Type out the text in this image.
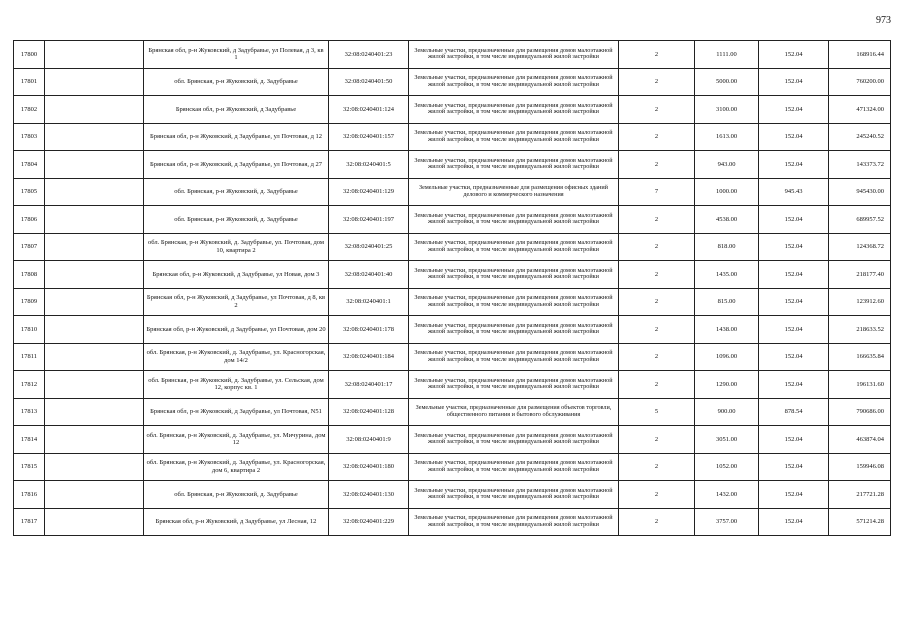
973
17800		Брянская обл, р-н Жуковский, д Задубравье, ул Полевая, д 3, кв 1	32:08:0240401:23	Земельные участки, предназначенные для размещения домов малоэтажной жилой застройки, в том числе индивидуальной жилой застройки	2	1111.00	152.04	168916.44
17801		обл. Брянская, р-н Жуковский, д. Задубравье	32:08:0240401:50	Земельные участки, предназначенные для размещения домов малоэтажной жилой застройки, в том числе индивидуальной жилой застройки	2	5000.00	152.04	760200.00
17802		Брянская обл, р-н Жуковский, д Задубравье	32:08:0240401:124	Земельные участки, предназначенные для размещения домов малоэтажной жилой застройки, в том числе индивидуальной жилой застройки	2	3100.00	152.04	471324.00
17803		Брянская обл, р-н Жуковский, д Задубравье, ул Почтовая, д 12	32:08:0240401:157	Земельные участки, предназначенные для размещения домов малоэтажной жилой застройки, в том числе индивидуальной жилой застройки	2	1613.00	152.04	245240.52
17804		Брянская обл, р-н Жуковский, д Задубравье, ул Почтовая, д 27	32:08:0240401:5	Земельные участки, предназначенные для размещения домов малоэтажной жилой застройки, в том числе индивидуальной жилой застройки	2	943.00	152.04	143373.72
17805		обл. Брянская, р-н Жуковский, д. Задубравье	32:08:0240401:129	Земельные участки, предназначенные для размещения офисных зданий делового и коммерческого назначения	7	1000.00	945.43	945430.00
17806		обл. Брянская, р-н Жуковский, д. Задубравье	32:08:0240401:197	Земельные участки, предназначенные для размещения домов малоэтажной жилой застройки, в том числе индивидуальной жилой застройки	2	4538.00	152.04	689957.52
17807		обл. Брянская, р-н Жуковский, д. Задубравье, ул. Почтовая, дом 10, квартира 2	32:08:0240401:25	Земельные участки, предназначенные для размещения домов малоэтажной жилой застройки, в том числе индивидуальной жилой застройки	2	818.00	152.04	124368.72
17808		Брянская обл, р-н Жуковский, д Задубравье, ул Новая, дом 3	32:08:0240401:40	Земельные участки, предназначенные для размещения домов малоэтажной жилой застройки, в том числе индивидуальной жилой застройки	2	1435.00	152.04	218177.40
17809		Брянская обл, р-н Жуковский, д Задубравье, ул Почтовая, д 8, кв 2	32:08:0240401:1	Земельные участки, предназначенные для размещения домов малоэтажной жилой застройки, в том числе индивидуальной жилой застройки	2	815.00	152.04	123912.60
17810		Брянская обл, р-н Жуковский, д Задубравье, ул Почтовая, дом 20	32:08:0240401:178	Земельные участки, предназначенные для размещения домов малоэтажной жилой застройки, в том числе индивидуальной жилой застройки	2	1438.00	152.04	218633.52
17811		обл. Брянская, р-н Жуковский, д. Задубравье, ул. Красногорская, дом 14/2	32:08:0240401:184	Земельные участки, предназначенные для размещения домов малоэтажной жилой застройки, в том числе индивидуальной жилой застройки	2	1096.00	152.04	166635.84
17812		обл. Брянская, р-н Жуковский, д. Задубравье, ул. Сельская, дом 12, корпус кв. 1	32:08:0240401:17	Земельные участки, предназначенные для размещения домов малоэтажной жилой застройки, в том числе индивидуальной жилой застройки	2	1290.00	152.04	196131.60
17813		Брянская обл, р-н Жуковский, д Задубравье, ул Почтовая, N51	32:08:0240401:128	Земельные участки, предназначенные для размещения объектов торговли, общественного питания и бытового обслуживания	5	900.00	878.54	790686.00
17814		обл. Брянская, р-н Жуковский, д. Задубравье, ул. Мичурина, дом 12	32:08:0240401:9	Земельные участки, предназначенные для размещения домов малоэтажной жилой застройки, в том числе индивидуальной жилой застройки	2	3051.00	152.04	463874.04
17815		обл. Брянская, р-н Жуковский, д. Задубравье, ул. Красногорская, дом 6, квартира 2	32:08:0240401:180	Земельные участки, предназначенные для размещения домов малоэтажной жилой застройки, в том числе индивидуальной жилой застройки	2	1052.00	152.04	159946.08
17816		обл. Брянская, р-н Жуковский, д. Задубравье	32:08:0240401:130	Земельные участки, предназначенные для размещения домов малоэтажной жилой застройки, в том числе индивидуальной жилой застройки	2	1432.00	152.04	217721.28
17817		Брянская обл, р-н Жуковский, д Задубравье, ул Лесная, 12	32:08:0240401:229	Земельные участки, предназначенные для размещения домов малоэтажной жилой застройки, в том числе индивидуальной жилой застройки	2	3757.00	152.04	571214.28
